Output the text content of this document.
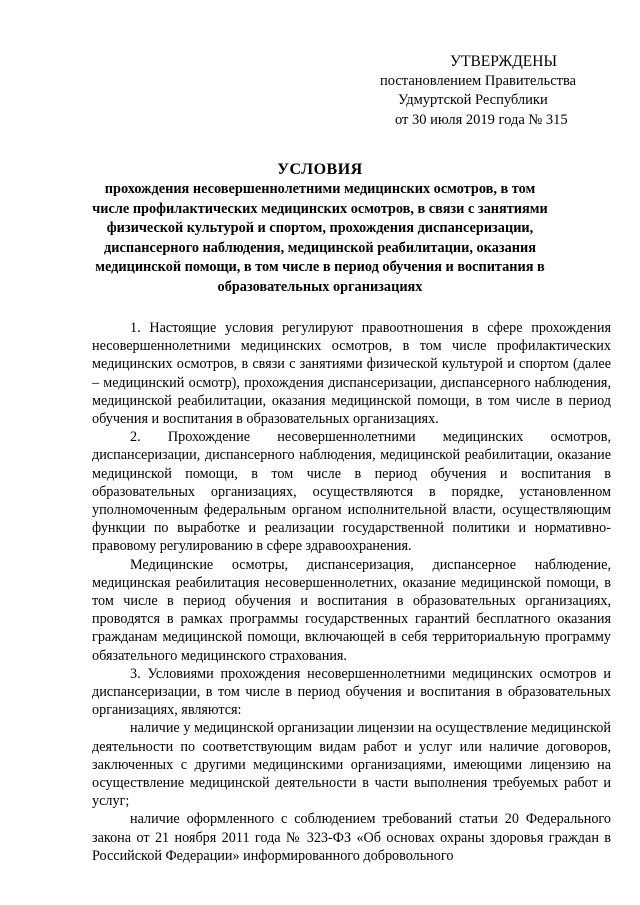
УТВЕРЖДЕНЫ
постановлением Правительства
Удмуртской Республики
от 30 июля 2019 года № 315
УСЛОВИЯ
прохождения несовершеннолетними медицинских осмотров, в том числе профилактических медицинских осмотров, в связи с занятиями физической культурой и спортом, прохождения диспансеризации, диспансерного наблюдения, медицинской реабилитации, оказания медицинской помощи, в том числе в период обучения и воспитания в образовательных организациях

1. Настоящие условия регулируют правоотношения в сфере прохождения несовершеннолетними медицинских осмотров, в том числе профилактических медицинских осмотров, в связи с занятиями физической культурой и спортом (далее – медицинский осмотр), прохождения диспансеризации, диспансерного наблюдения, медицинской реабилитации, оказания медицинской помощи, в том числе в период обучения и воспитания в образовательных организациях.

2. Прохождение несовершеннолетними медицинских осмотров, диспансеризации, диспансерного наблюдения, медицинской реабилитации, оказание медицинской помощи, в том числе в период обучения и воспитания в образовательных организациях, осуществляются в порядке, установленном уполномоченным федеральным органом исполнительной власти, осуществляющим функции по выработке и реализации государственной политики и нормативно-правовому регулированию в сфере здравоохранения.

Медицинские осмотры, диспансеризация, диспансерное наблюдение, медицинская реабилитация несовершеннолетних, оказание медицинской помощи, в том числе в период обучения и воспитания в образовательных организациях, проводятся в рамках программы государственных гарантий бесплатного оказания гражданам медицинской помощи, включающей в себя территориальную программу обязательного медицинского страхования.

3. Условиями прохождения несовершеннолетними медицинских осмотров и диспансеризации, в том числе в период обучения и воспитания в образовательных организациях, являются:

наличие у медицинской организации лицензии на осуществление медицинской деятельности по соответствующим видам работ и услуг или наличие договоров, заключенных с другими медицинскими организациями, имеющими лицензию на осуществление медицинской деятельности в части выполнения требуемых работ и услуг;

наличие оформленного с соблюдением требований статьи 20 Федерального закона от 21 ноября 2011 года № 323-ФЗ «Об основах охраны здоровья граждан в Российской Федерации» информированного добровольного
